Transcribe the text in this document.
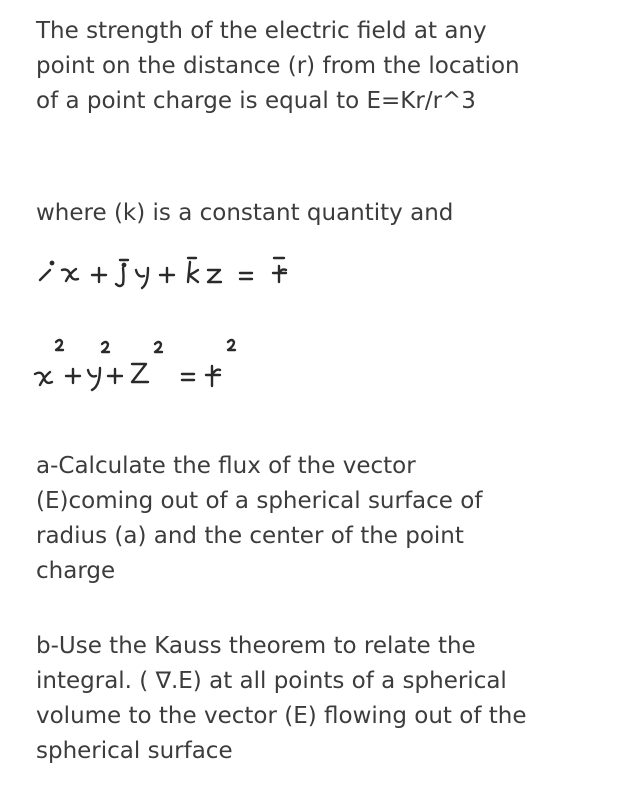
The strength of the electric field at any
point on the distance (r) from the location
of a point charge is equal to E=Kr/r^3
where (k) is a constant quantity and
a-Calculate the flux of the vector
(E)coming out of a spherical surface of
radius (a) and the center of the point
charge
b-Use the Kauss theorem to relate the
integral. ( ∇.E) at all points of a spherical
volume to the vector (E) flowing out of the
spherical surface
